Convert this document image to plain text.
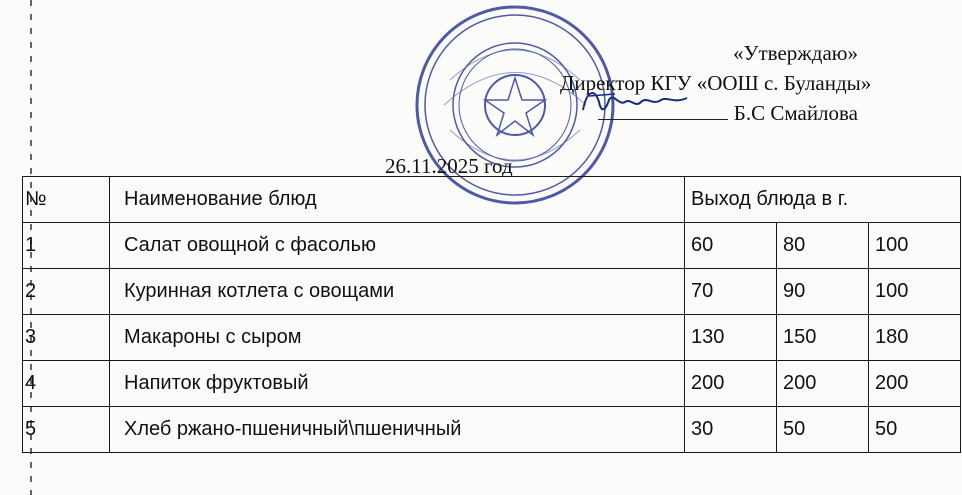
«Утверждаю»
Директор КГУ «ООШ с. Буланды»
Б.С Смайлова
26.11.2025 год
№	Наименование блюд	Выход блюда в г.		
1	Салат овощной с фасолью	60	80	100
2	Куринная котлета с овощами	70	90	100
3	Макароны с сыром	130	150	180
4	Напиток фруктовый	200	200	200
5	Хлеб ржано-пшеничный\пшеничный	30	50	50
